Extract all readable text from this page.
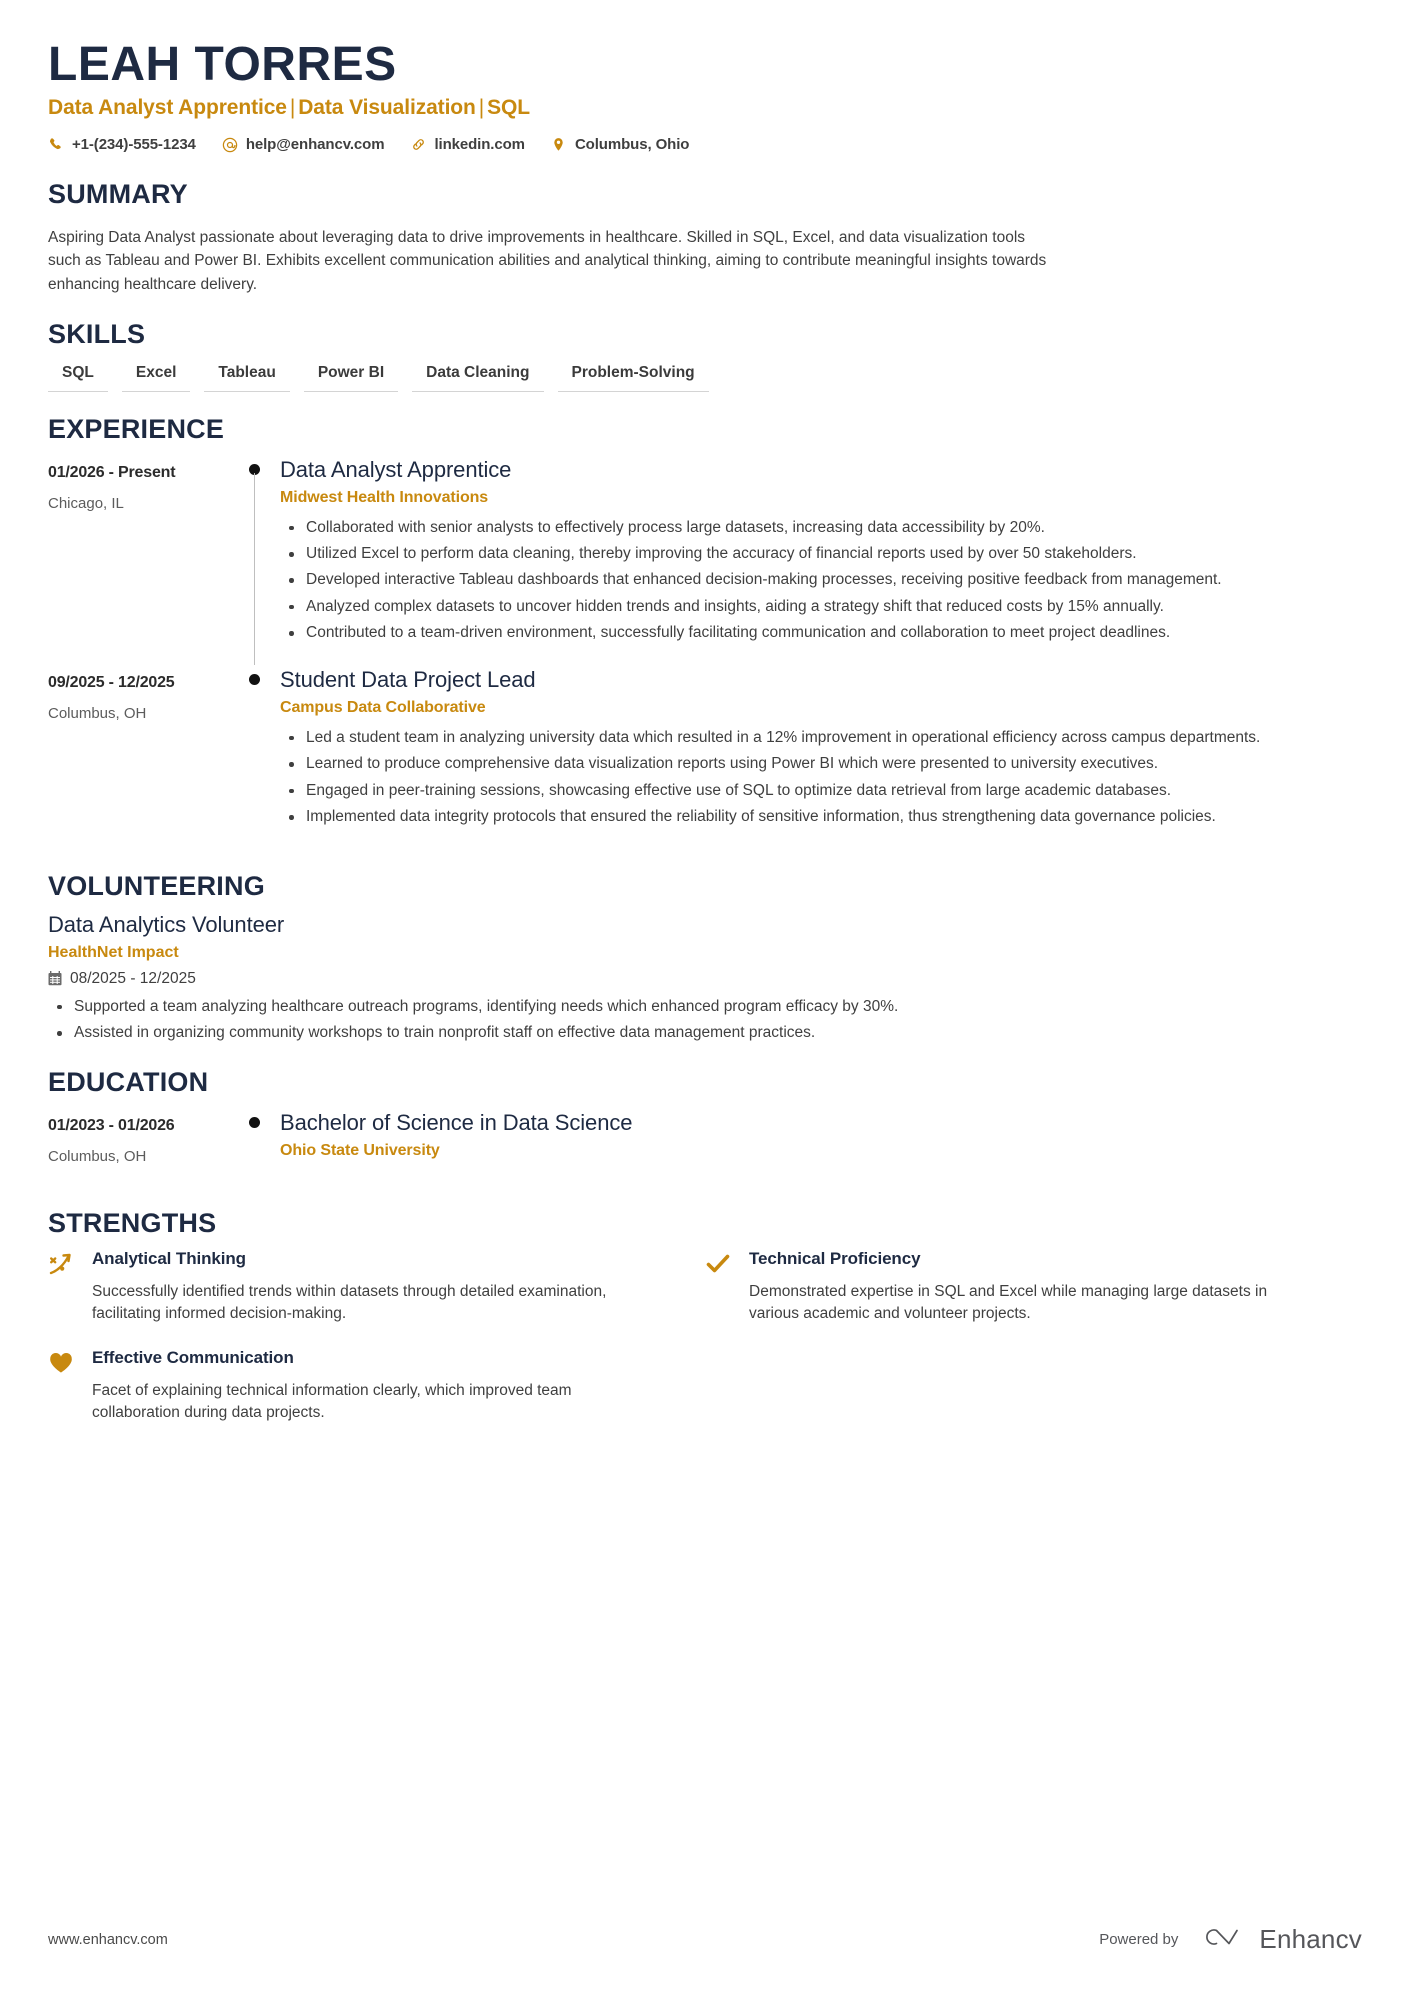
LEAH TORRES
Data Analyst Apprentice | Data Visualization | SQL
+1-(234)-555-1234	help@enhancv.com	linkedin.com	Columbus, Ohio
SUMMARY

Aspiring Data Analyst passionate about leveraging data to drive improvements in healthcare. Skilled in SQL, Excel, and data visualization tools such as Tableau and Power BI. Exhibits excellent communication abilities and analytical thinking, aiming to contribute meaningful insights towards enhancing healthcare delivery.

SKILLS
SQL	Excel	Tableau	Power BI	Data Cleaning	Problem-Solving
EXPERIENCE
01/2026 - Present
Chicago, IL
Data Analyst Apprentice
Midwest Health Innovations
Collaborated with senior analysts to effectively process large datasets, increasing data accessibility by 20%.
Utilized Excel to perform data cleaning, thereby improving the accuracy of financial reports used by over 50 stakeholders.
Developed interactive Tableau dashboards that enhanced decision-making processes, receiving positive feedback from management.
Analyzed complex datasets to uncover hidden trends and insights, aiding a strategy shift that reduced costs by 15% annually.
Contributed to a team-driven environment, successfully facilitating communication and collaboration to meet project deadlines.
09/2025 - 12/2025
Columbus, OH
Student Data Project Lead
Campus Data Collaborative
Led a student team in analyzing university data which resulted in a 12% improvement in operational efficiency across campus departments.
Learned to produce comprehensive data visualization reports using Power BI which were presented to university executives.
Engaged in peer-training sessions, showcasing effective use of SQL to optimize data retrieval from large academic databases.
Implemented data integrity protocols that ensured the reliability of sensitive information, thus strengthening data governance policies.
VOLUNTEERING
Data Analytics Volunteer
HealthNet Impact
08/2025 - 12/2025
Supported a team analyzing healthcare outreach programs, identifying needs which enhanced program efficacy by 30%.
Assisted in organizing community workshops to train nonprofit staff on effective data management practices.
EDUCATION
01/2023 - 01/2026
Columbus, OH
Bachelor of Science in Data Science
Ohio State University
STRENGTHS
Analytical Thinking
Successfully identified trends within datasets through detailed examination, facilitating informed decision-making.
Technical Proficiency
Demonstrated expertise in SQL and Excel while managing large datasets in various academic and volunteer projects.
Effective Communication
Facet of explaining technical information clearly, which improved team collaboration during data projects.
www.enhancv.com	Powered by	Enhancv
